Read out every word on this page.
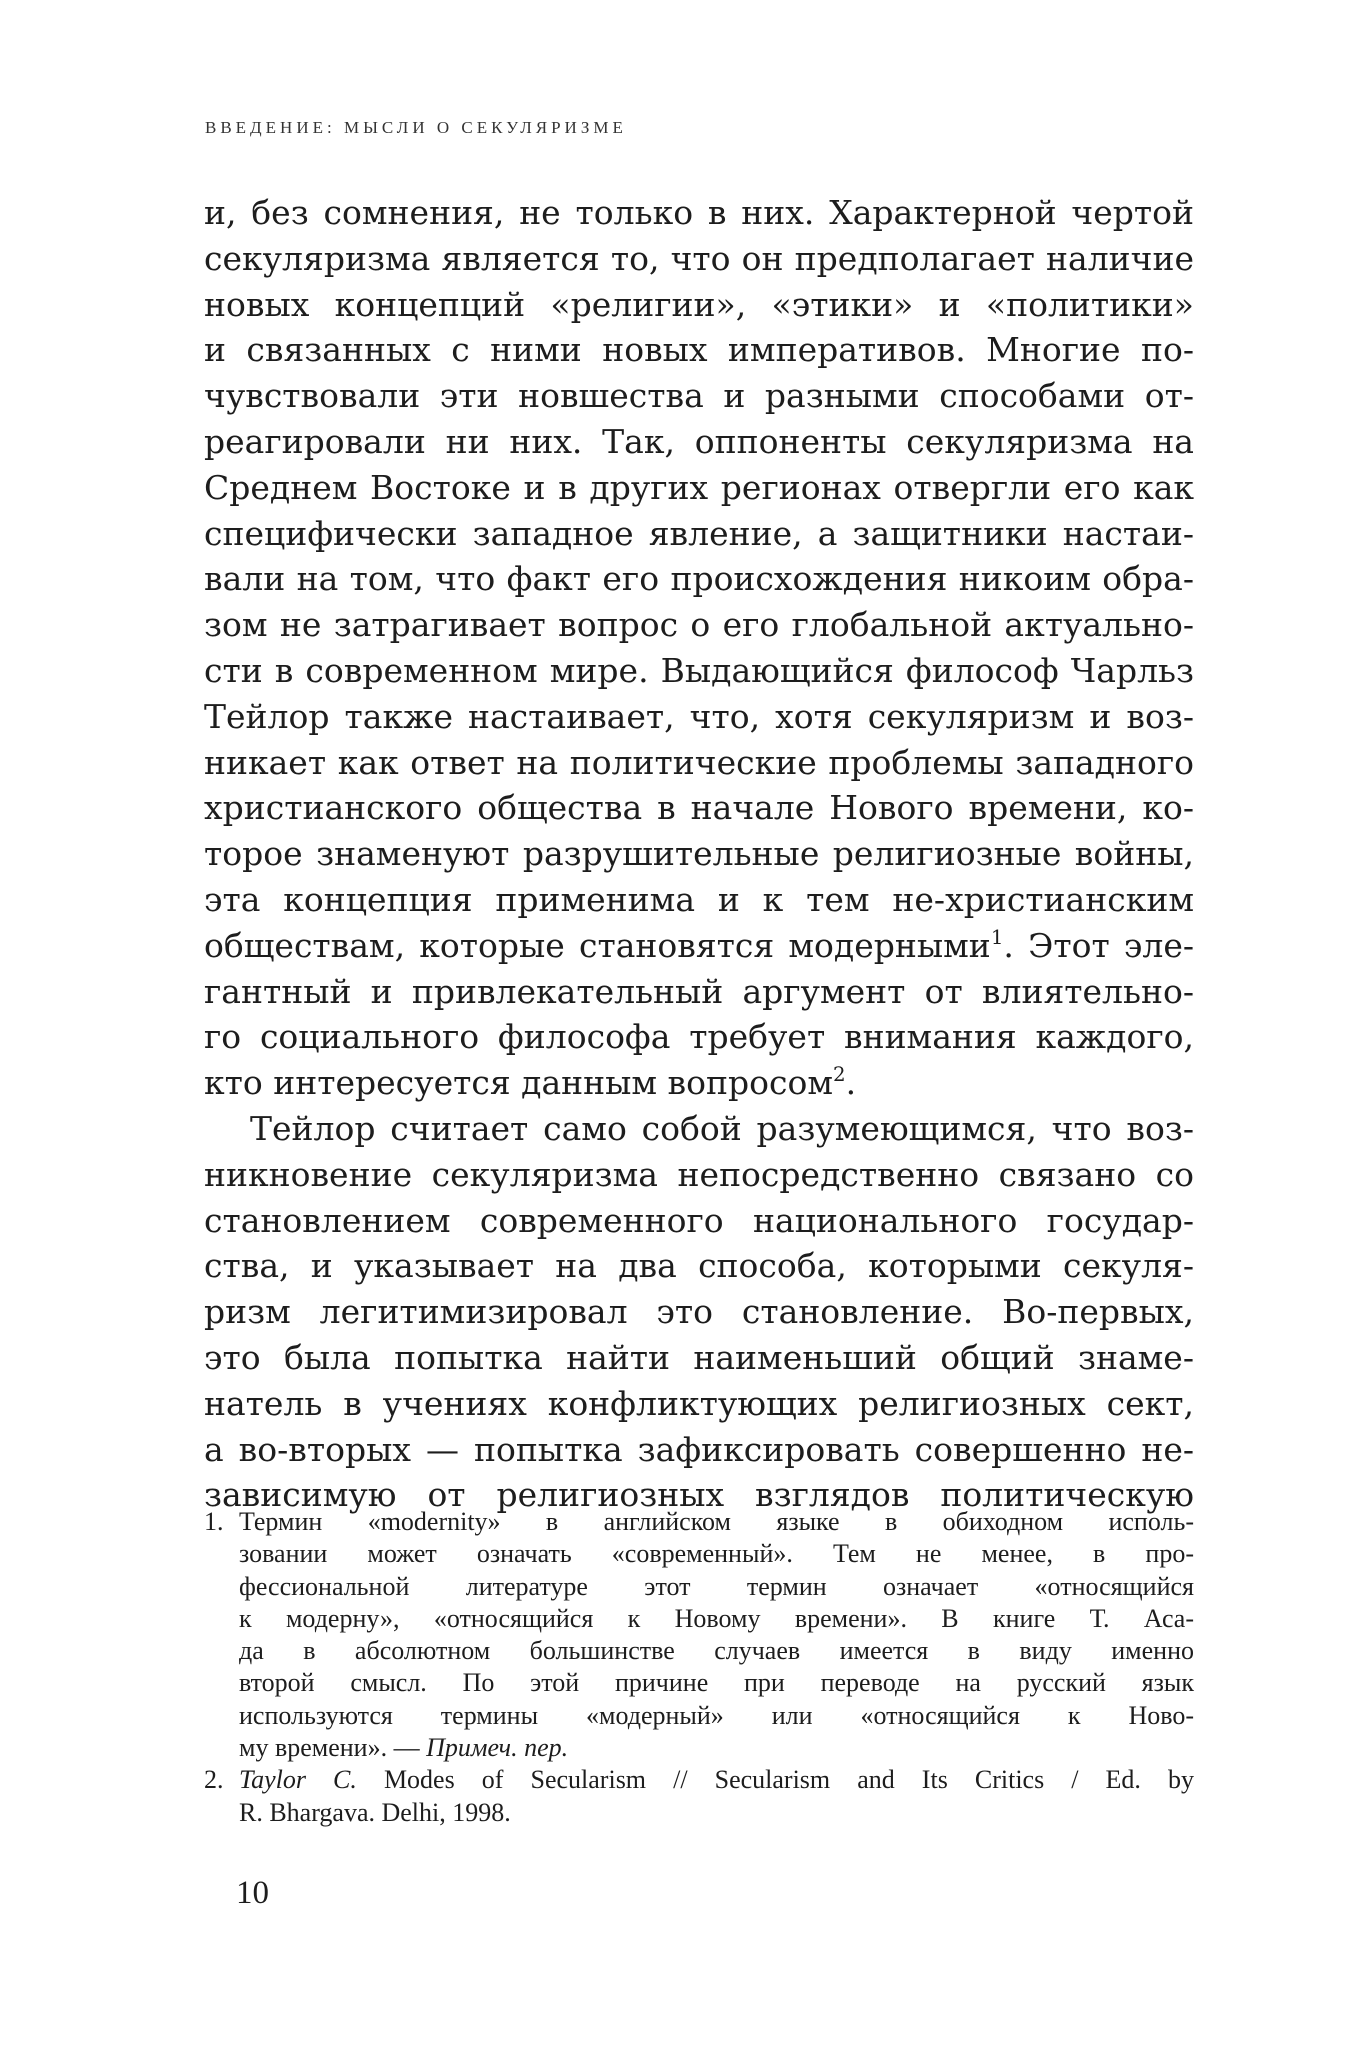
ВВЕДЕНИЕ: МЫСЛИ О СЕКУЛЯРИЗМЕ
и, без сомнения, не только в них. Характерной чертой
секуляризма является то, что он предполагает наличие
новых концепций «религии», «этики» и «политики»
и связанных с ними новых императивов. Многие по-
чувствовали эти новшества и разными способами от-
реагировали ни них. Так, оппоненты секуляризма на
Среднем Востоке и в других регионах отвергли его как
специфически западное явление, а защитники настаи-
вали на том, что факт его происхождения никоим обра-
зом не затрагивает вопрос о его глобальной актуально-
сти в современном мире. Выдающийся философ Чарльз
Тейлор также настаивает, что, хотя секуляризм и воз-
никает как ответ на политические проблемы западного
христианского общества в начале Нового времени, ко-
торое знаменуют разрушительные религиозные войны,
эта концепция применима и к тем не-христианским
обществам, которые становятся модерными$^1$. Этот эле-
гантный и привлекательный аргумент от влиятельно-
го социального философа требует внимания каждого,
кто интересуется данным вопросом$^2$.
Тейлор считает само собой разумеющимся, что воз-
никновение секуляризма непосредственно связано со
становлением современного национального государ-
ства, и указывает на два способа, которыми секуля-
ризм легитимизировал это становление. Во-первых,
это была попытка найти наименьший общий знаме-
натель в учениях конфликтующих религиозных сект,
а во-вторых — попытка зафиксировать совершенно не-
зависимую от религиозных взглядов политическую
1. Термин «modernity» в английском языке в обиходном исполь-
зовании может означать «современный». Тем не менее, в про-
фессиональной литературе этот термин означает «относящийся
к модерну», «относящийся к Новому времени». В книге Т. Аса-
да в абсолютном большинстве случаев имеется в виду именно
второй смысл. По этой причине при переводе на русский язык
используются термины «модерный» или «относящийся к Ново-
му времени». — Примеч. пер.
2. Taylor C. Modes of Secularism // Secularism and Its Critics / Ed. by
R. Bhargava. Delhi, 1998.
10
